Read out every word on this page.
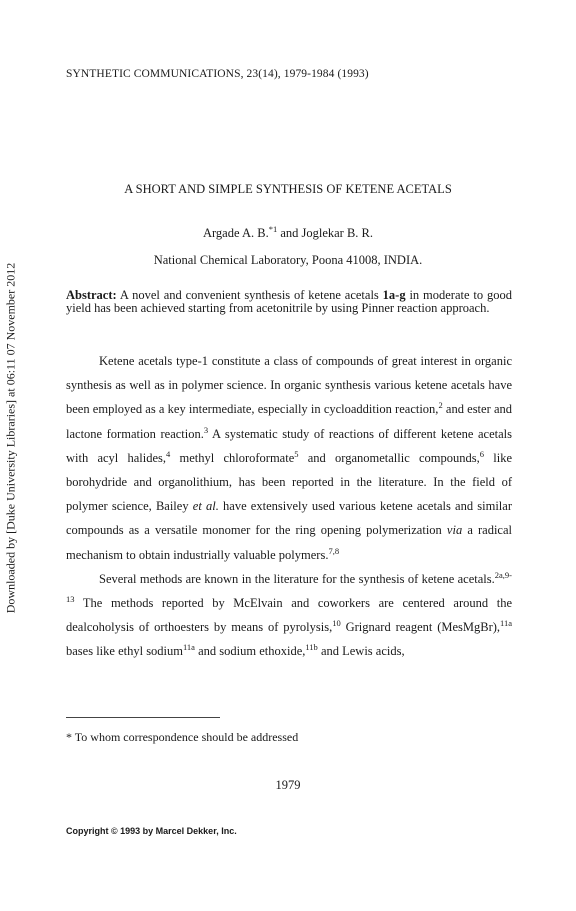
SYNTHETIC COMMUNICATIONS, 23(14), 1979-1984 (1993)
Downloaded by [Duke University Libraries] at 06:11 07 November 2012
A SHORT AND SIMPLE SYNTHESIS OF KETENE ACETALS
Argade A. B.$^{*1}$ and Joglekar B. R.
National Chemical Laboratory, Poona 41008, INDIA.
Abstract: A novel and convenient synthesis of ketene acetals 1a-g in moderate to good yield has been achieved starting from acetonitrile by using Pinner reaction approach.

Ketene acetals type-1 constitute a class of compounds of great interest in organic synthesis as well as in polymer science. In organic synthesis various ketene acetals have been employed as a key intermediate, especially in cycloaddition reaction,$^2$ and ester and lactone formation reaction.$^3$ A systematic study of reactions of different ketene acetals with acyl halides,$^4$ methyl chloroformate$^5$ and organometallic compounds,$^6$ like borohydride and organolithium, has been reported in the literature. In the field of polymer science, Bailey et al. have extensively used various ketene acetals and similar compounds as a versatile monomer for the ring opening polymerization via a radical mechanism to obtain industrially valuable polymers.$^{7,8}$

Several methods are known in the literature for the synthesis of ketene acetals.$^{2a,9-13}$ The methods reported by McElvain and coworkers are centered around the dealcoholysis of orthoesters by means of pyrolysis,$^{10}$ Grignard reagent (MesMgBr),$^{11a}$ bases like ethyl sodium$^{11a}$ and sodium ethoxide,$^{11b}$ and Lewis acids,

* To whom correspondence should be addressed
1979
Copyright © 1993 by Marcel Dekker, Inc.
